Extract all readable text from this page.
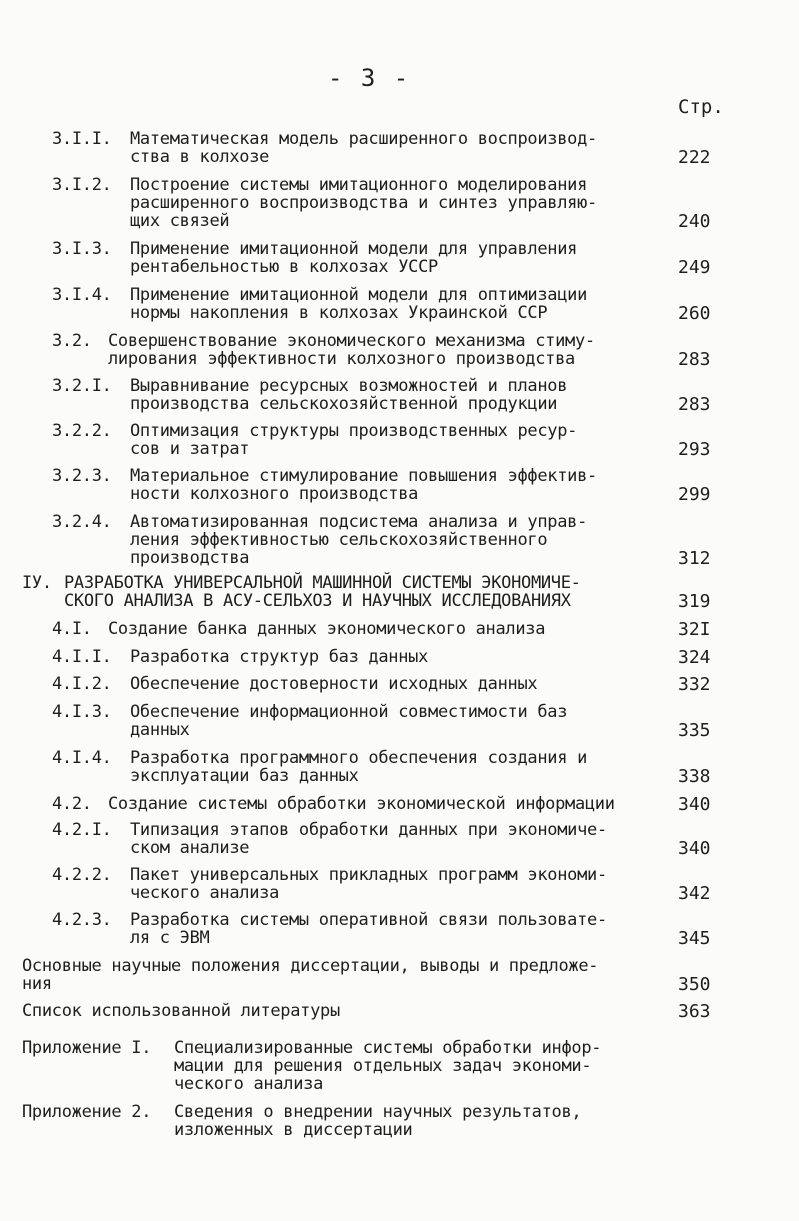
- 3 -
Стр.
3.I.I. Математическая модель расширенного воспроизвод-
ства в колхозе	222
3.I.2. Построение системы имитационного моделирования
расширенного воспроизводства и синтез управляю-
щих связей	240
3.I.3. Применение имитационной модели для управления
рентабельностью в колхозах УССР	249
3.I.4. Применение имитационной модели для оптимизации
нормы накопления в колхозах Украинской ССР	260
3.2. Совершенствование экономического механизма стиму-
лирования эффективности колхозного производства	283
3.2.I. Выравнивание ресурсных возможностей и планов
производства сельскохозяйственной продукции	283
3.2.2. Оптимизация структуры производственных ресур-
сов и затрат	293
3.2.3. Материальное стимулирование повышения эффектив-
ности колхозного производства	299
3.2.4. Автоматизированная подсистема анализа и управ-
ления эффективностью сельскохозяйственного
производства	312
IУ. РАЗРАБОТКА УНИВЕРСАЛЬНОЙ МАШИННОЙ СИСТЕМЫ ЭКОНОМИЧЕ-
СКОГО АНАЛИЗА В АСУ-СЕЛЬХОЗ И НАУЧНЫХ ИССЛЕДОВАНИЯХ	319
4.I. Создание банка данных экономического анализа	32I
4.I.I. Разработка структур баз данных	324
4.I.2. Обеспечение достоверности исходных данных	332
4.I.3. Обеспечение информационной совместимости баз
данных	335
4.I.4. Разработка программного обеспечения создания и
эксплуатации баз данных	338
4.2. Создание системы обработки экономической информации	340
4.2.I. Типизация этапов обработки данных при экономиче-
ском анализе	340
4.2.2. Пакет универсальных прикладных программ экономи-
ческого анализа	342
4.2.3. Разработка системы оперативной связи пользовате-
ля с ЭВМ	345
Основные научные положения диссертации, выводы и предложе-
ния	350
Список использованной литературы	363
Приложение I. Специализированные системы обработки инфор-
мации для решения отдельных задач экономи-
ческого анализа
Приложение 2. Сведения о внедрении научных результатов,
изложенных в диссертации
